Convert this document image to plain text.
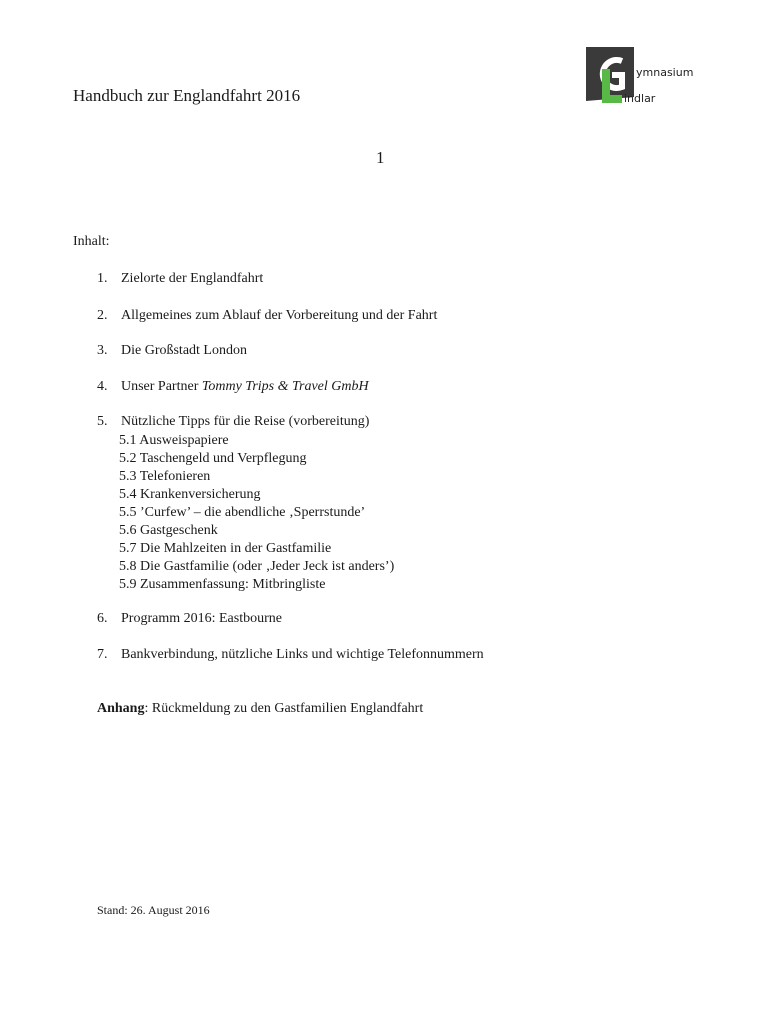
Handbuch zur Englandfahrt 2016
ymnasium
indlar
1
Inhalt:
1. Zielorte der Englandfahrt
2. Allgemeines zum Ablauf der Vorbereitung und der Fahrt
3. Die Großstadt London
4. Unser Partner Tommy Trips & Travel GmbH
5. Nützliche Tipps für die Reise (vorbereitung)
5.1 Ausweispapiere
5.2 Taschengeld und Verpflegung
5.3 Telefonieren
5.4 Krankenversicherung
5.5 ’Curfew’ – die abendliche ‚Sperrstunde’
5.6 Gastgeschenk
5.7 Die Mahlzeiten in der Gastfamilie
5.8 Die Gastfamilie (oder ‚Jeder Jeck ist anders’)
5.9 Zusammenfassung: Mitbringliste
6. Programm 2016: Eastbourne
7. Bankverbindung, nützliche Links und wichtige Telefonnummern
Anhang: Rückmeldung zu den Gastfamilien Englandfahrt
Stand: 26. August 2016
